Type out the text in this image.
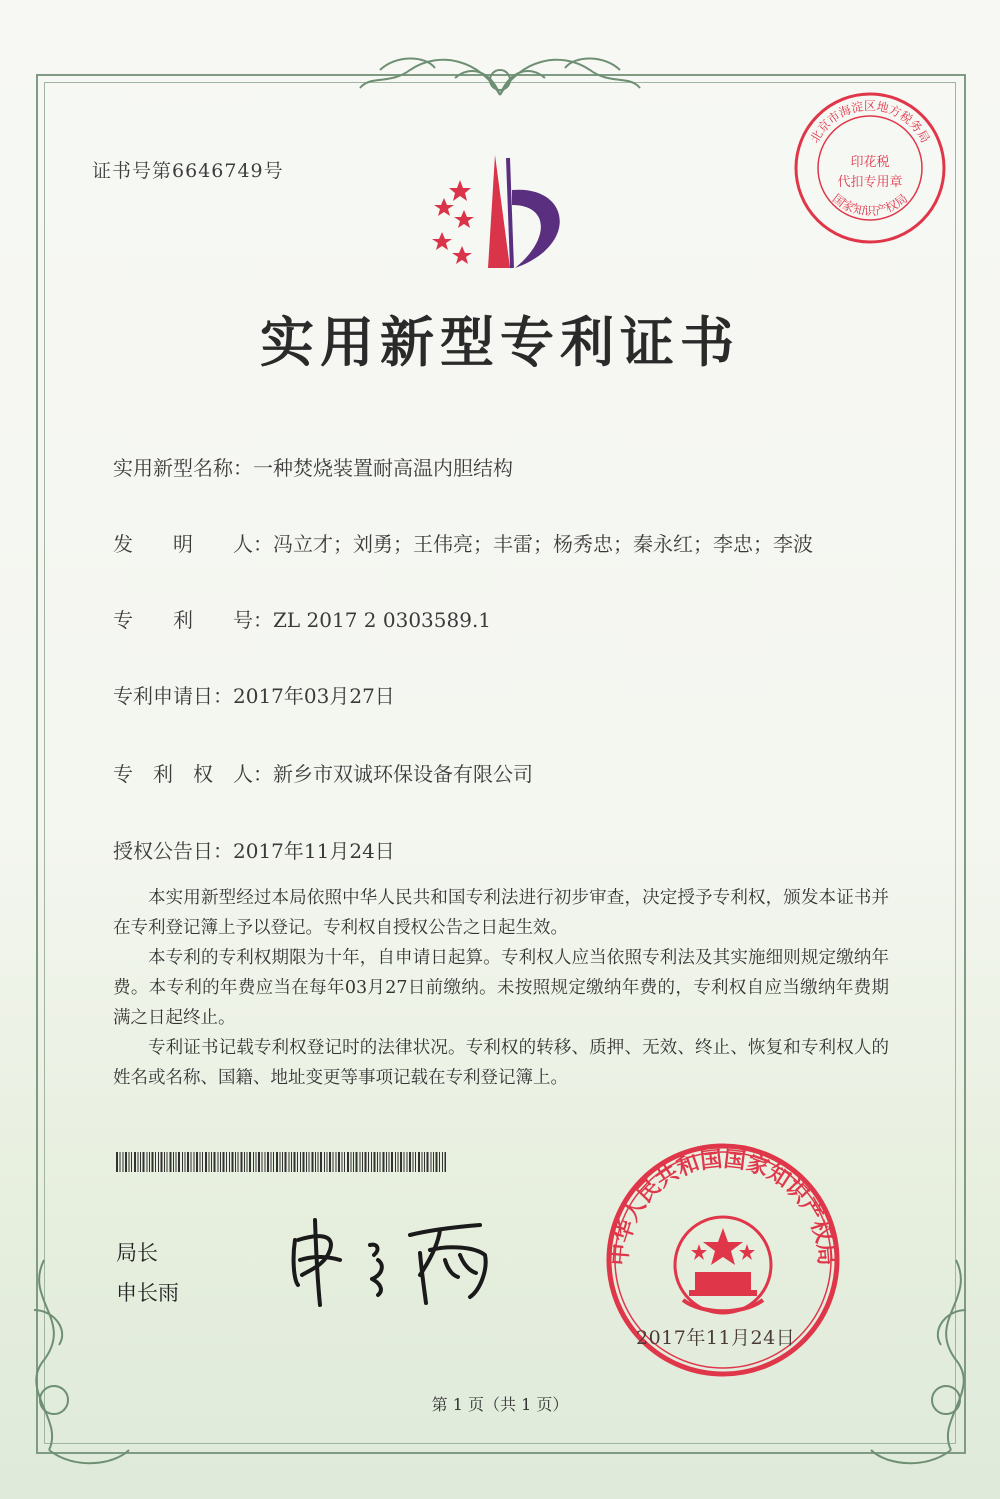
证书号第6646749号
北京市海淀区地方税务局
国家知识产权局
印花税
代扣专用章
实用新型专利证书
实用新型名称：一种焚烧装置耐高温内胆结构
发　　明　　人：冯立才；刘勇；王伟亮；丰雷；杨秀忠；秦永红；李忠；李波
专　　利　　号：ZL 2017 2 0303589.1
专利申请日：2017年03月27日
专　利　权　人：新乡市双诚环保设备有限公司
授权公告日：2017年11月24日

本实用新型经过本局依照中华人民共和国专利法进行初步审查，决定授予专利权，颁发本证书并在专利登记簿上予以登记。专利权自授权公告之日起生效。

本专利的专利权期限为十年，自申请日起算。专利权人应当依照专利法及其实施细则规定缴纳年费。本专利的年费应当在每年03月27日前缴纳。未按照规定缴纳年费的，专利权自应当缴纳年费期满之日起终止。

专利证书记载专利权登记时的法律状况。专利权的转移、质押、无效、终止、恢复和专利权人的姓名或名称、国籍、地址变更等事项记载在专利登记簿上。

局长
申长雨
中华人民共和国国家知识产权局
2017年11月24日
第 1 页（共 1 页）
